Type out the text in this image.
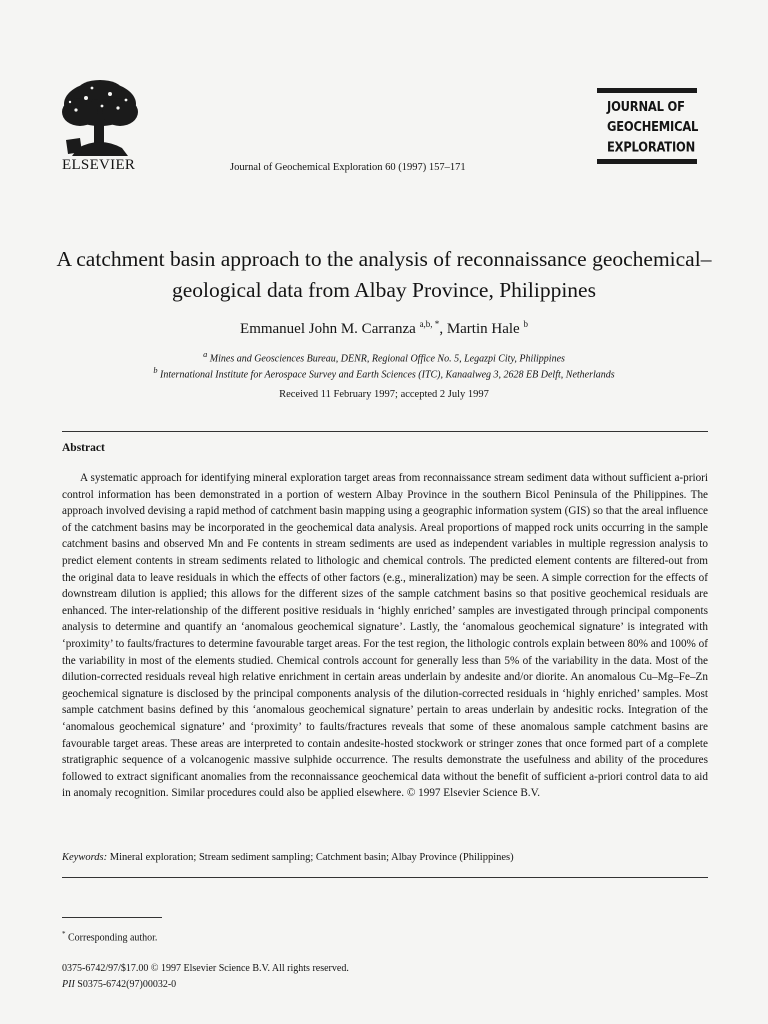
ELSEVIER	Journal of Geochemical Exploration 60 (1997) 157–171
JOURNAL OF
GEOCHEMICAL
EXPLORATION
A catchment basin approach to the analysis of reconnaissance geochemical–geological data from Albay Province, Philippines
Emmanuel John M. Carranza $^{a,b, *}$, Martin Hale $^b$
$^a$ Mines and Geosciences Bureau, DENR, Regional Office No. 5, Legazpi City, Philippines
$^b$ International Institute for Aerospace Survey and Earth Sciences (ITC), Kanaalweg 3, 2628 EB Delft, Netherlands
Received 11 February 1997; accepted 2 July 1997
Abstract
A systematic approach for identifying mineral exploration target areas from reconnaissance stream sediment data without sufficient a-priori control information has been demonstrated in a portion of western Albay Province in the southern Bicol Peninsula of the Philippines. The approach involved devising a rapid method of catchment basin mapping using a geographic information system (GIS) so that the areal influence of the catchment basins may be incorporated in the geochemical data analysis. Areal proportions of mapped rock units occurring in the sample catchment basins and observed Mn and Fe contents in stream sediments are used as independent variables in multiple regression analysis to predict element contents in stream sediments related to lithologic and chemical controls. The predicted element contents are filtered-out from the original data to leave residuals in which the effects of other factors (e.g., mineralization) may be seen. A simple correction for the effects of downstream dilution is applied; this allows for the different sizes of the sample catchment basins so that positive geochemical residuals are enhanced. The inter-relationship of the different positive residuals in ‘highly enriched’ samples are investigated through principal components analysis to determine and quantify an ‘anomalous geochemical signature’. Lastly, the ‘anomalous geochemical signature’ is integrated with ‘proximity’ to faults/fractures to determine favourable target areas. For the test region, the lithologic controls explain between 80% and 100% of the variability in most of the elements studied. Chemical controls account for generally less than 5% of the variability in the data. Most of the dilution-corrected residuals reveal high relative enrichment in certain areas underlain by andesite and/or diorite. An anomalous Cu–Mg–Fe–Zn geochemical signature is disclosed by the principal components analysis of the dilution-corrected residuals in ‘highly enriched’ samples. Most sample catchment basins defined by this ‘anomalous geochemical signature’ pertain to areas underlain by andesitic rocks. Integration of the ‘anomalous geochemical signature’ and ‘proximity’ to faults/fractures reveals that some of these anomalous sample catchment basins are favourable target areas. These areas are interpreted to contain andesite-hosted stockwork or stringer zones that once formed part of a complete stratigraphic sequence of a volcanogenic massive sulphide occurrence. The results demonstrate the usefulness and ability of the procedures followed to extract significant anomalies from the reconnaissance geochemical data without the benefit of sufficient a-priori control data to aid in anomaly recognition. Similar procedures could also be applied elsewhere. © 1997 Elsevier Science B.V.
Keywords: Mineral exploration; Stream sediment sampling; Catchment basin; Albay Province (Philippines)
* Corresponding author.
0375-6742/97/$17.00 © 1997 Elsevier Science B.V. All rights reserved.
PII S0375-6742(97)00032-0
